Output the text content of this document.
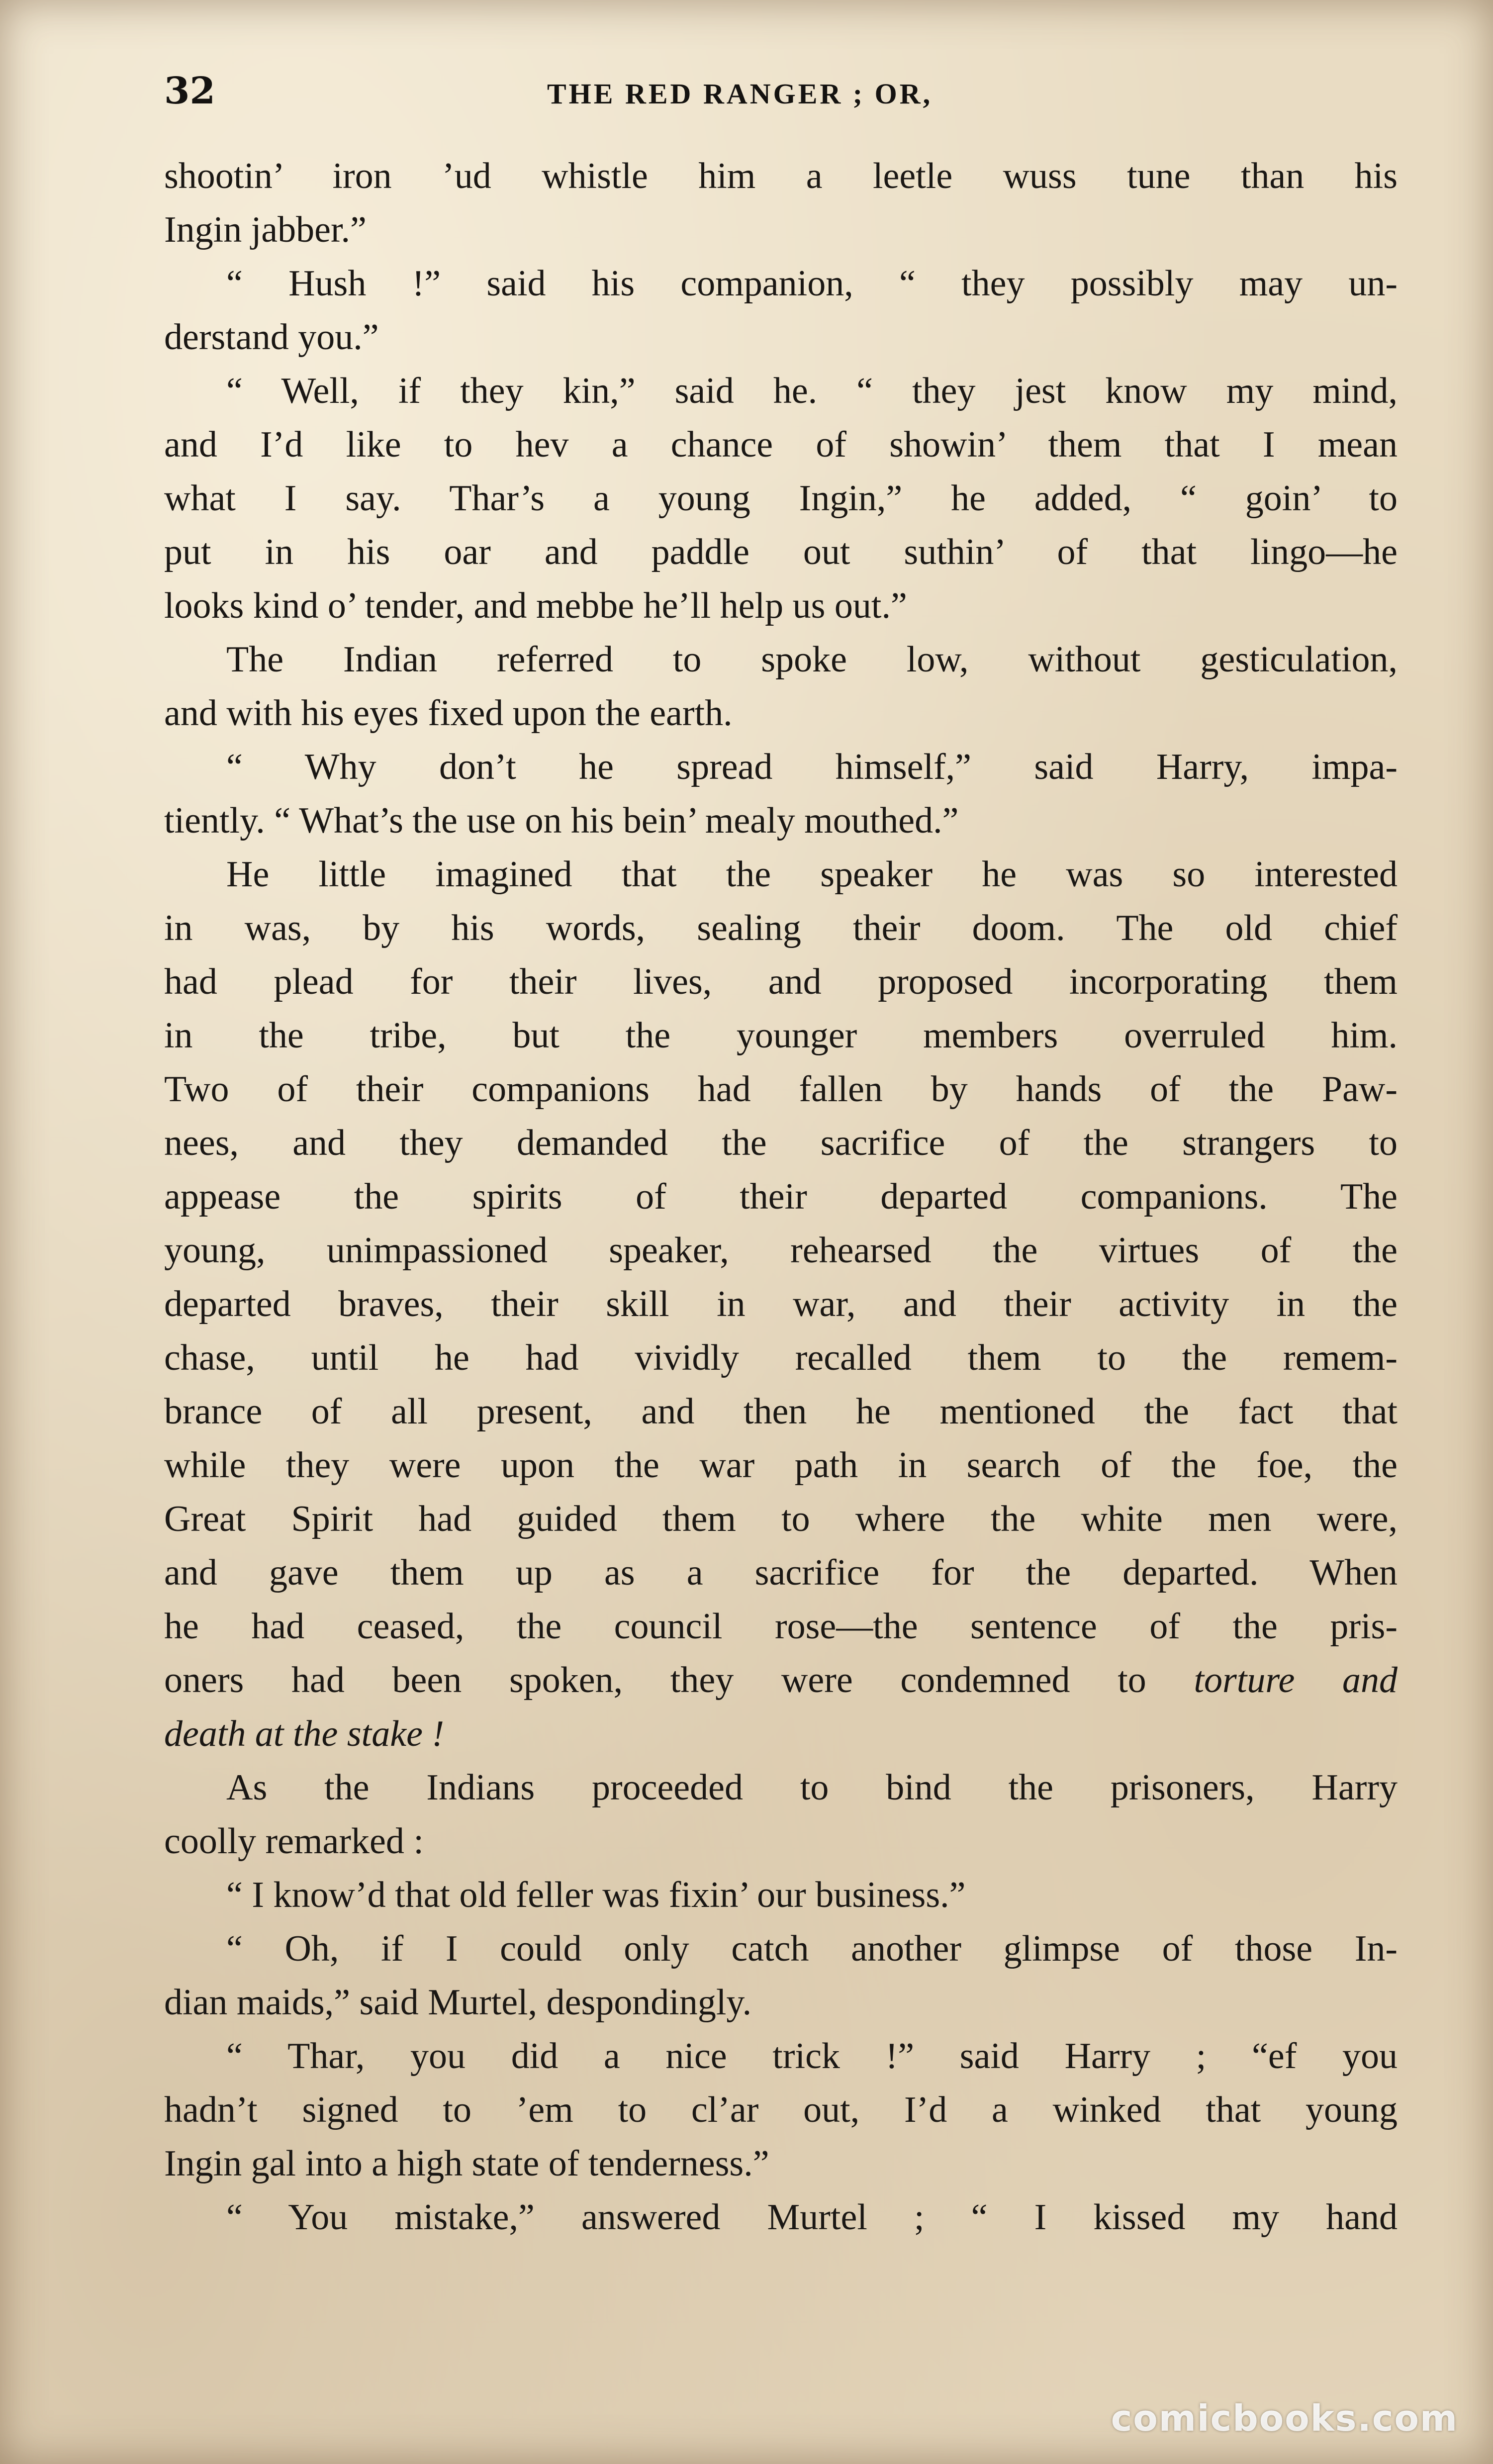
32	THE RED RANGER ; OR,
shootin’ iron ’ud whistle him a leetle wuss tune than his
Ingin jabber.”
“ Hush !” said his companion, “ they possibly may un-
derstand you.”
“ Well, if they kin,” said he. “ they jest know my mind,
and I’d like to hev a chance of showin’ them that I mean
what I say. Thar’s a young Ingin,” he added, “ goin’ to
put in his oar and paddle out suthin’ of that lingo—he
looks kind o’ tender, and mebbe he’ll help us out.”
The Indian referred to spoke low, without gesticulation,
and with his eyes fixed upon the earth.
“ Why don’t he spread himself,” said Harry, impa-
tiently. “ What’s the use on his bein’ mealy mouthed.”
He little imagined that the speaker he was so interested
in was, by his words, sealing their doom. The old chief
had plead for their lives, and proposed incorporating them
in the tribe, but the younger members overruled him.
Two of their companions had fallen by hands of the Paw-
nees, and they demanded the sacrifice of the strangers to
appease the spirits of their departed companions. The
young, unimpassioned speaker, rehearsed the virtues of the
departed braves, their skill in war, and their activity in the
chase, until he had vividly recalled them to the remem-
brance of all present, and then he mentioned the fact that
while they were upon the war path in search of the foe, the
Great Spirit had guided them to where the white men were,
and gave them up as a sacrifice for the departed. When
he had ceased, the council rose—the sentence of the pris-
oners had been spoken, they were condemned to torture and
death at the stake !
As the Indians proceeded to bind the prisoners, Harry
coolly remarked :
“ I know’d that old feller was fixin’ our business.”
“ Oh, if I could only catch another glimpse of those In-
dian maids,” said Murtel, despondingly.
“ Thar, you did a nice trick !” said Harry ; “ef you
hadn’t signed to ’em to cl’ar out, I’d a winked that young
Ingin gal into a high state of tenderness.”
“ You mistake,” answered Murtel ; “ I kissed my hand
comicbooks.com
